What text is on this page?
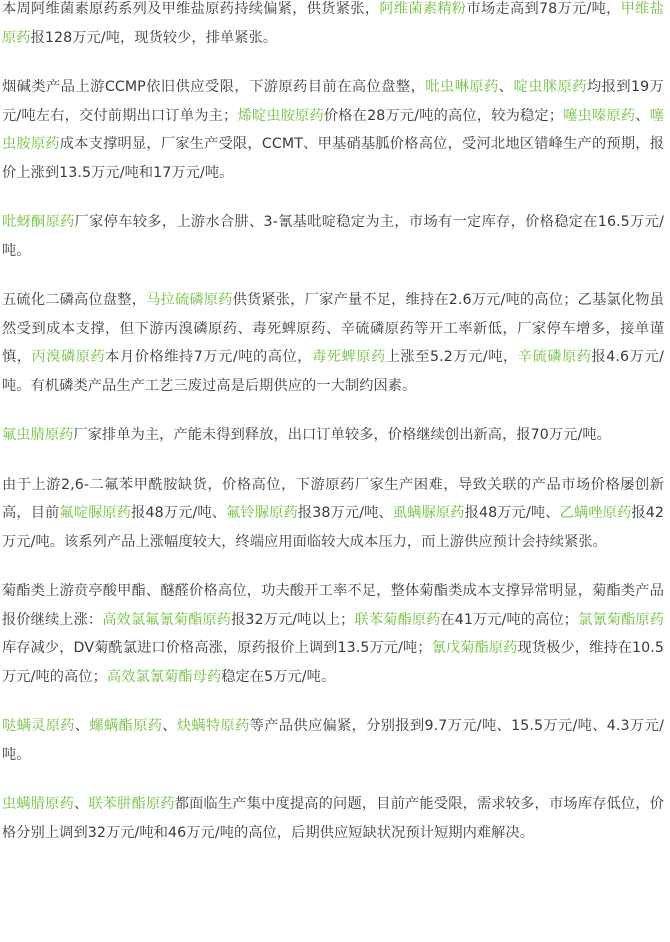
本周阿维菌素原药系列及甲维盐原药持续偏紧，供货紧张，阿维菌素精粉市场走高到78万元/吨，甲维盐原药报128万元/吨，现货较少，排单紧张。

烟碱类产品上游CCMP依旧供应受限，下游原药目前在高位盘整，吡虫啉原药、啶虫脒原药均报到19万元/吨左右，交付前期出口订单为主；烯啶虫胺原药价格在28万元/吨的高位，较为稳定；噻虫嗪原药、噻虫胺原药成本支撑明显，厂家生产受限，CCMT、甲基硝基胍价格高位，受河北地区错峰生产的预期，报价上涨到13.5万元/吨和17万元/吨。

吡蚜酮原药厂家停车较多，上游水合肼、3-氰基吡啶稳定为主，市场有一定库存，价格稳定在16.5万元/吨。

五硫化二磷高位盘整，马拉硫磷原药供货紧张，厂家产量不足，维持在2.6万元/吨的高位；乙基氯化物虽然受到成本支撑，但下游丙溴磷原药、毒死蜱原药、辛硫磷原药等开工率新低，厂家停车增多，接单谨慎，丙溴磷原药本月价格维持7万元/吨的高位，毒死蜱原药上涨至5.2万元/吨，辛硫磷原药报4.6万元/吨。有机磷类产品生产工艺三废过高是后期供应的一大制约因素。

氟虫腈原药厂家排单为主，产能未得到释放，出口订单较多，价格继续创出新高，报70万元/吨。

由于上游2,6-二氟苯甲酰胺缺货，价格高位，下游原药厂家生产困难，导致关联的产品市场价格屡创新高，目前氟啶脲原药报48万元/吨、氟铃脲原药报38万元/吨、虱螨脲原药报48万元/吨、乙螨唑原药报42万元/吨。该系列产品上涨幅度较大，终端应用面临较大成本压力，而上游供应预计会持续紧张。

菊酯类上游贲亭酸甲酯、醚醛价格高位，功夫酸开工率不足，整体菊酯类成本支撑异常明显，菊酯类产品报价继续上涨：高效氯氟氰菊酯原药报32万元/吨以上；联苯菊酯原药在41万元/吨的高位；氯氰菊酯原药库存减少，DV菊酰氯进口价格高涨，原药报价上调到13.5万元/吨；氰戊菊酯原药现货极少，维持在10.5万元/吨的高位；高效氯氰菊酯母药稳定在5万元/吨。

哒螨灵原药、螺螨酯原药、炔螨特原药等产品供应偏紧，分别报到9.7万元/吨、15.5万元/吨、4.3万元/吨。

虫螨腈原药、联苯肼酯原药都面临生产集中度提高的问题，目前产能受限，需求较多，市场库存低位，价格分别上调到32万元/吨和46万元/吨的高位，后期供应短缺状况预计短期内难解决。
